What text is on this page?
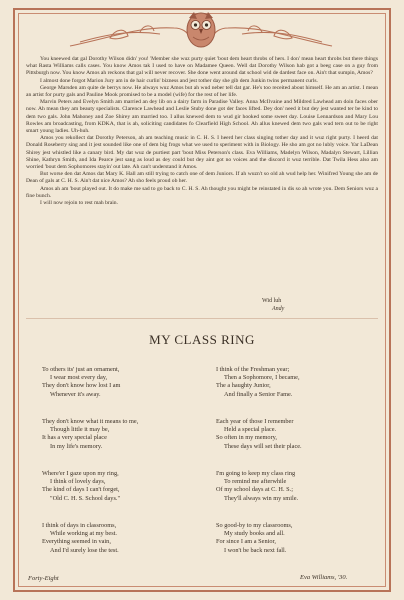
You kneewed dat gal Dorothy Wilson didn' you! 'Member she wuz purty quiet 'bout dem heart throbs of hers. I don' mean heart throbs but there things what Rasta Williams calls cases. You know Amos tak I used to have on Madamee Queen. Well dat Dorothy Wilson hab got a beeg case on a guy from Pittsburgh now. You know Amos ah reckons that gal will never recover. She done went around dat school wid de dardest face on. Ain't that sumpin, Amos?

I almost done forgot Marion Jury am in de hair curlin' bizness and jest tother day she gib dem Junkin twins permanent curls.

George Marsden am quite de berrys now. He always wuz Amos but ah wud neber tell dat gar. He's too receited about himself. He am an artist. I mean an artist for purty gals and Pauline Mook promised to be a model (wife) for the rest of her life.

Marvin Peters and Evelyn Smith am married an dey lib on a dairy farm in Paradise Valley. Anna McIlvaine and Mildred Lawhead am doin faces ober now. Ah mean they am beauty specialists. Clarence Lawhead and Leslie Stuby done got der faces lifted. Dey don' need it but dey jest wanted ter be kind to dem two gals. John Mahoney and Zoe Shirey am married too. I allus knewed dem to wud gir hooked some sweet day. Louise Lennardson and Mary Lou Rowles am broadcasting, from KDKA, that is ah, soliciting candidates fo Clearfield High School. Ah allus knewed dem two gals wud tern out to be right smart young ladies. Uh-huh.

Amos you rekollect dat Dorothy Peterson, ah am teaching music in C. H. S. I heerd her class singing tother day and it wuz right purty. I heerd dat Donald Roseberry sing and it jest sounded like one of dem big frogs what we used to speriment with in Biology. He sho am got no lubly voice. Yar LaDean Shirey jest whistled like a canary bird. My dat wuz de purtiest part 'bout Miss Peterson's class. Eva Williams, Madelyn Wilson, Madalyn Stewart, Lillian Shine, Kathryn Smith, and Ida Pearce jest sang as loud as dey could but dey aint got no voices and the discord it wuz terrible. Dat Twila Hess also am worried 'bout dem Sophomores stayin' out late. Ah can't understand it Amos.

But worse den dat Amos dat Mary K. Hall am still trying to catch one of dem Juniors. If ah wuzn't so old ah wud help her. Winifred Young she am de Dean of gals at C. H. S. Ain't dat nice Amos? Ah sho feels proud ob her.

Amos ah am 'bout played out. It do make me sad to go back to C. H. S. Ah thought you might be reinstated in dis so ah wrote you. Dem Seniors wuz a fine bunch.

I will now rejoin to rest mah brain.

Wid luh
Andy
MY CLASS RING
To others its' just an ornament,
I wear most every day,
They don't know how lost I am
Whenever it's away.
They don't know what it means to me,
Though little it may be,
It has a very special place
In my life's memory.
Where'er I gaze upon my ring,
I think of lovely days,
The kind of days I can't forget,
"Old C. H. S. School days."
I think of days in classrooms,
While working at my best.
Everything seemed in vain,
And I'd surely lose the test.
I think of the Freshman year;
Then a Sophomore, I became,
The a haughty Junior,
And finally a Senior Fame.
Each year of those I remember
Held a special place.
So often in my memory,
These days will set their place.
I'm going to keep my class ring
To remind me afterwhile
Of my school days at C. H. S.;
They'll always win my smile.
So good-by to my classrooms,
My study books and all.
For since I am a Senior,
I won't be back next fall.
Eva Williams, '30.
Forty-Eight
